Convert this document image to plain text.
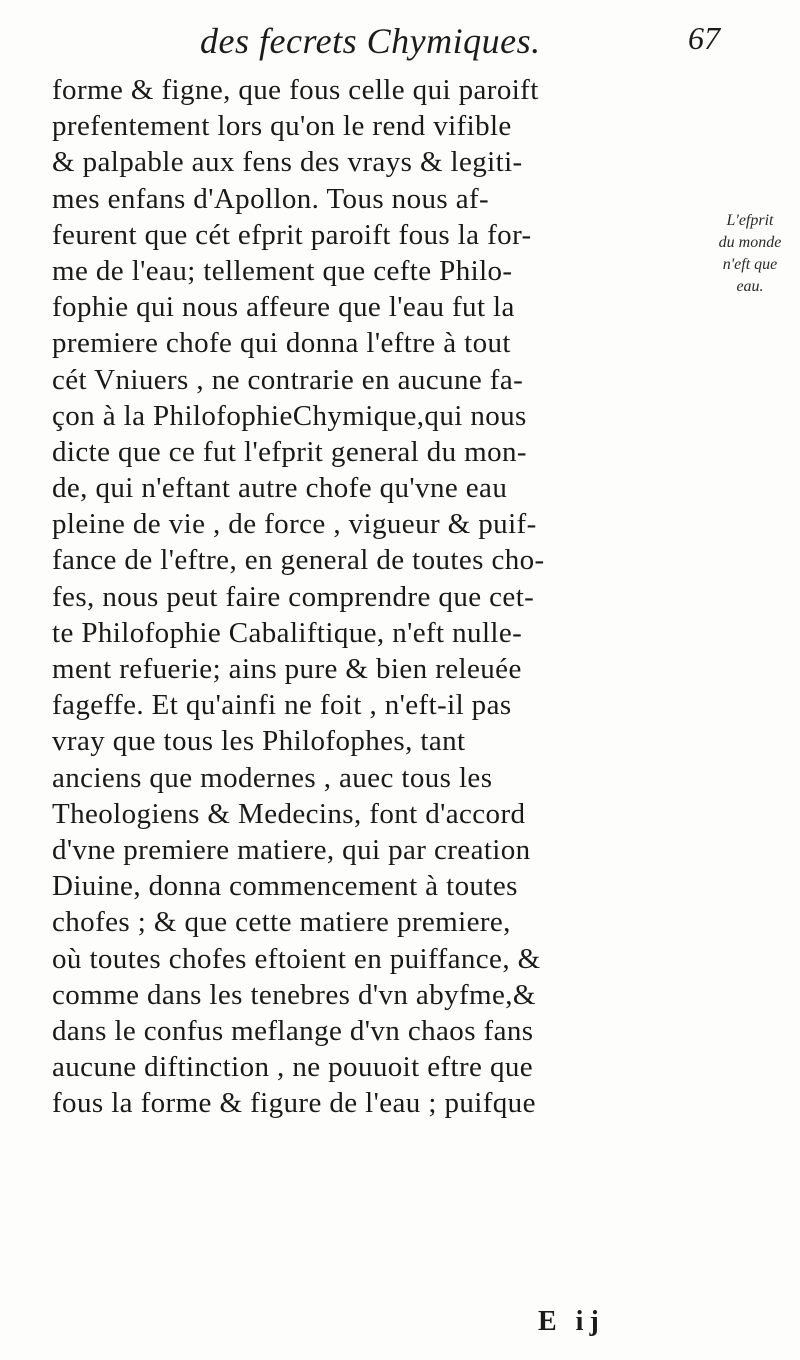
des fecrets Chymiques.	67
forme & figne, que fous celle qui paroift
prefentement lors qu'on le rend vifible
& palpable aux fens des vrays & legiti-
mes enfans d'Apollon. Tous nous af-
feurent que cét efprit paroift fous la for-
me de l'eau; tellement que cefte Philo-
fophie qui nous affeure que l'eau fut la
premiere chofe qui donna l'eftre à tout
cét Vniuers , ne contrarie en aucune fa-
çon à la PhilofophieChymique,qui nous
dicte que ce fut l'efprit general du mon-
de, qui n'eftant autre chofe qu'vne eau
pleine de vie , de force , vigueur & puif-
fance de l'eftre, en general de toutes cho-
fes, nous peut faire comprendre que cet-
te Philofophie Cabaliftique, n'eft nulle-
ment refuerie; ains pure & bien releuée
fageffe. Et qu'ainfi ne foit , n'eft-il pas
vray que tous les Philofophes, tant
anciens que modernes , auec tous les
Theologiens & Medecins, font d'accord
d'vne premiere matiere, qui par creation
Diuine, donna commencement à toutes
chofes ; & que cette matiere premiere,
où toutes chofes eftoient en puiffance, &
comme dans les tenebres d'vn abyfme,&
dans le confus meflange d'vn chaos fans
aucune diftinction , ne pouuoit eftre que
fous la forme & figure de l'eau ; puifque
L'efprit
du monde
n'eft que
eau.
E ij
